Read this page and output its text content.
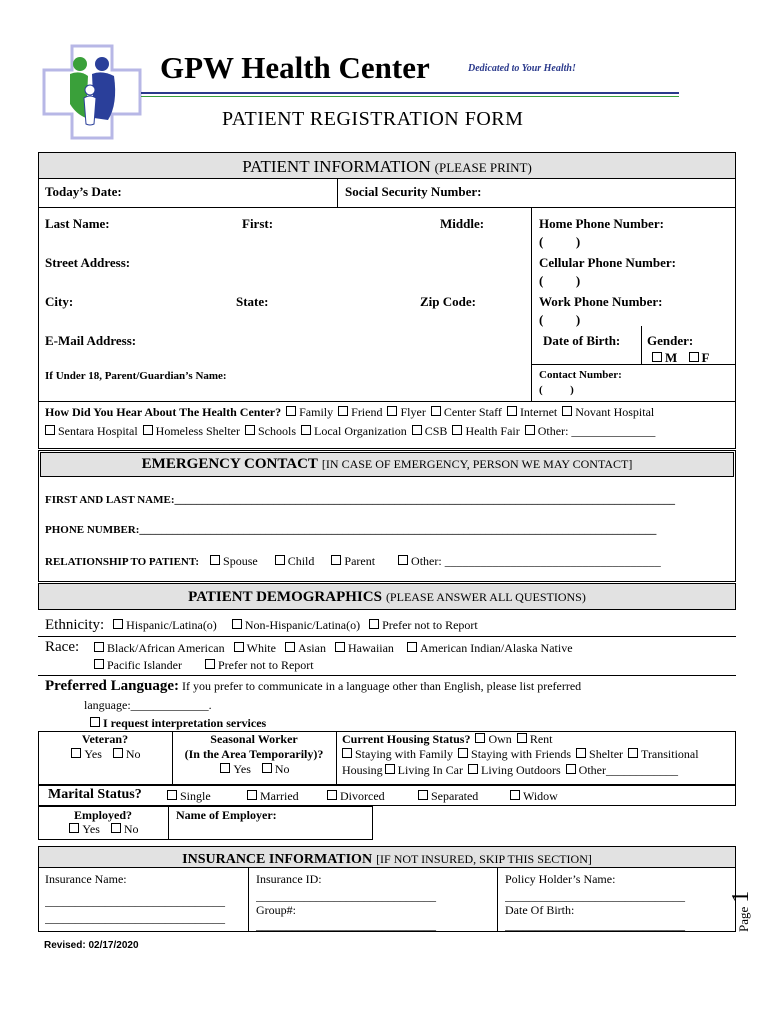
GPW Health Center	Dedicated to Your Health!
PATIENT REGISTRATION FORM
PATIENT INFORMATION (PLEASE PRINT)
Today’s Date:	Social Security Number:
Last Name:	First:	Middle:	Home Phone Number:
(          )
Street Address:	Cellular Phone Number:
(          )
City:	State:	Zip Code:	Work Phone Number:
(          )
E-Mail Address:	Date of Birth: Gender:
M F
If Under 18, Parent/Guardian’s Name:	Contact Number:
(          )
How Did You Hear About The Health Center? Family Friend Flyer Center Staff Internet Novant Hospital
Sentara Hospital Homeless Shelter Schools Local Organization CSB Health Fair Other: ______________
EMERGENCY CONTACT [IN CASE OF EMERGENCY, PERSON WE MAY CONTACT]
FIRST AND LAST NAME:___________________________________________________________________________________________
PHONE NUMBER:______________________________________________________________________________________________
RELATIONSHIP TO PATIENT: Spouse	Child	Parent	Other: ____________________________________
PATIENT DEMOGRAPHICS (PLEASE ANSWER ALL QUESTIONS)
Ethnicity: Hispanic/Latina(o) Non-Hispanic/Latina(o) Prefer not to Report
Race:	Black/African American White Asian Hawaiian American Indian/Alaska Native
Pacific Islander	Prefer not to Report
Preferred Language: If you prefer to communicate in a language other than English, please list preferred
language:_____________.
I request interpretation services
Veteran?
Yes No
Seasonal Worker
(In the Area Temporarily)?
Yes No
Current Housing Status? Own Rent
Staying with Family Staying with Friends Shelter Transitional
Housing Living In Car Living Outdoors Other____________
Marital Status?	Single	Married	Divorced	Separated	Widow
Employed?
Yes No
Name of Employer:
INSURANCE INFORMATION [IF NOT INSURED, SKIP THIS SECTION]
Insurance Name:
______________________________
______________________________
Insurance ID:
______________________________
Group#:
______________________________
Policy Holder’s Name:
______________________________
Date Of Birth:
______________________________
Revised: 02/17/2020
Page 1
